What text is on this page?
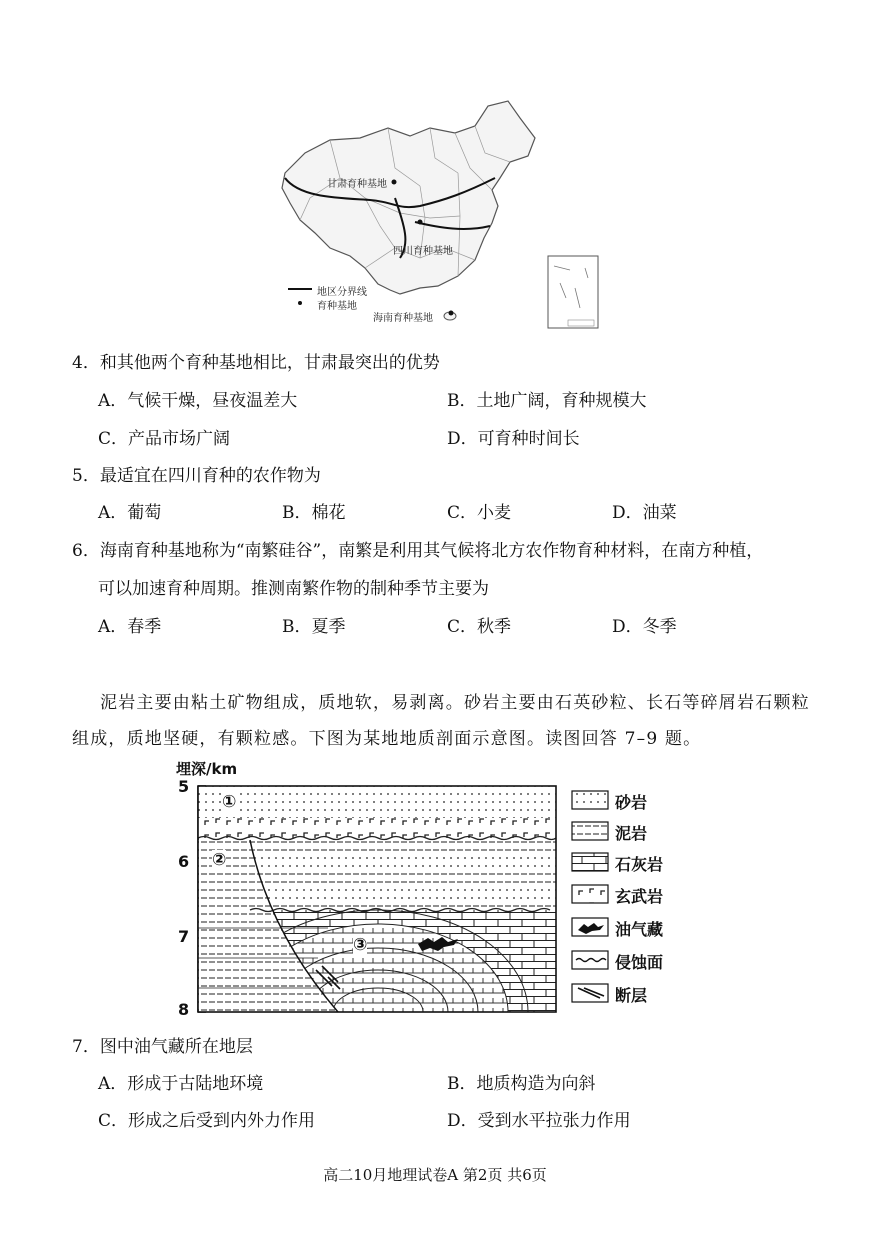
甘肃育种基地
四川育种基地
海南育种基地
地区分界线
育种基地
4．和其他两个育种基地相比，甘肃最突出的优势
A．气候干燥，昼夜温差大	B．土地广阔，育种规模大
C．产品市场广阔	D．可育种时间长
5．最适宜在四川育种的农作物为
A．葡萄	B．棉花	C．小麦	D．油菜
6．海南育种基地称为“南繁硅谷”，南繁是利用其气候将北方农作物育种材料，在南方种植，
可以加速育种周期。推测南繁作物的制种季节主要为
A．春季	B．夏季	C．秋季	D．冬季
泥岩主要由粘土矿物组成，质地软，易剥离。砂岩主要由石英砂粒、长石等碎屑岩石颗粒
组成，质地坚硬，有颗粒感。下图为某地地质剖面示意图。读图回答 7–9 题。
埋深/km
5
6
7
8
①
②
③
砂岩
泥岩
石灰岩
玄武岩
油气藏
侵蚀面
断层
7．图中油气藏所在地层
A．形成于古陆地环境	B．地质构造为向斜
C．形成之后受到内外力作用	D．受到水平拉张力作用
高二10月地理试卷A 第2页 共6页
